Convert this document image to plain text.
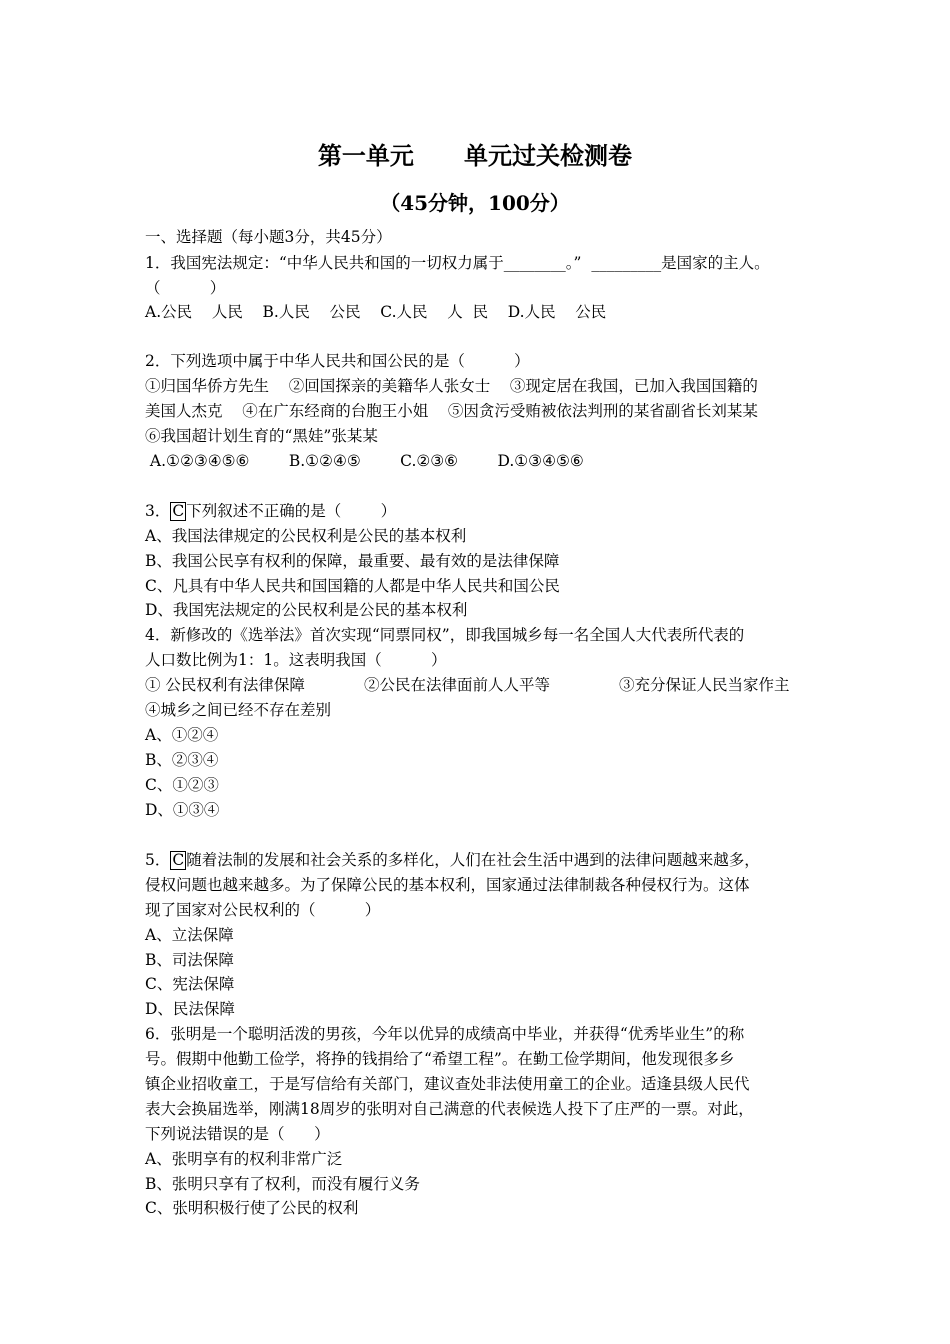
第一单元      单元过关检测卷
（45分钟，100分）
一、选择题（每小题3分，共45分）
1．我国宪法规定：“中华人民共和国的一切权力属于________。”  _________是国家的主人。
（          ）
A.公民    人民    B.人民    公民    C.人民    人  民    D.人民    公民
2．下列选项中属于中华人民共和国公民的是（          ）
①归国华侨方先生    ②回国探亲的美籍华人张女士    ③现定居在我国，已加入我国国籍的
美国人杰克    ④在广东经商的台胞王小姐    ⑤因贪污受贿被依法判刑的某省副省长刘某某
⑥我国超计划生育的“黑娃”张某某
A.①②③④⑤⑥        B.①②④⑤        C.②③⑥        D.①③④⑤⑥
3． C 下列叙述不正确的是（        ）
A、我国法律规定的公民权利是公民的基本权利
B、我国公民享有权利的保障，最重要、最有效的是法律保障
C、凡具有中华人民共和国国籍的人都是中华人民共和国公民
D、我国宪法规定的公民权利是公民的基本权利
4．新修改的《选举法》首次实现“同票同权”，即我国城乡每一名全国人大代表所代表的
人口数比例为1：1。这表明我国（          ）
① 公民权利有法律保障            ②公民在法律面前人人平等              ③充分保证人民当家作主
④城乡之间已经不存在差别
A、①②④
B、②③④
C、①②③
D、①③④
5． C 随着法制的发展和社会关系的多样化，人们在社会生活中遇到的法律问题越来越多，
侵权问题也越来越多。为了保障公民的基本权利，国家通过法律制裁各种侵权行为。这体
现了国家对公民权利的（          ）
A、立法保障
B、司法保障
C、宪法保障
D、民法保障
6．张明是一个聪明活泼的男孩，今年以优异的成绩高中毕业，并获得“优秀毕业生”的称
号。假期中他勤工俭学，将挣的钱捐给了“希望工程”。在勤工俭学期间，他发现很多乡
镇企业招收童工，于是写信给有关部门，建议查处非法使用童工的企业。适逢县级人民代
表大会换届选举，刚满18周岁的张明对自己满意的代表候选人投下了庄严的一票。对此，
下列说法错误的是（      ）
A、张明享有的权利非常广泛
B、张明只享有了权利，而没有履行义务
C、张明积极行使了公民的权利
